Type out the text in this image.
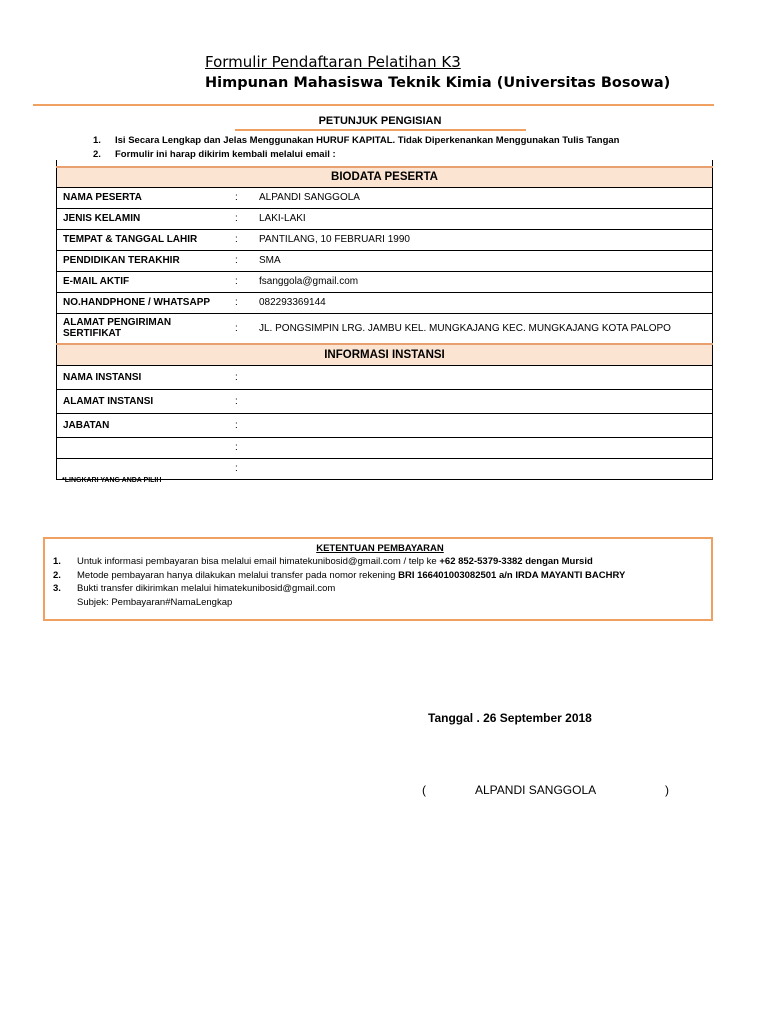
Formulir Pendaftaran Pelatihan K3
Himpunan Mahasiswa Teknik Kimia (Universitas Bosowa)
PETUNJUK PENGISIAN
1. Isi Secara Lengkap dan Jelas Menggunakan HURUF KAPITAL. Tidak Diperkenankan Menggunakan Tulis Tangan
2. Formulir ini harap dikirim kembali melalui email :
BIODATA PESERTA	
NAMA PESERTA	: ALPANDI SANGGOLA
JENIS KELAMIN	: LAKI-LAKI
TEMPAT & TANGGAL LAHIR	: PANTILANG, 10 FEBRUARI 1990
PENDIDIKAN TERAKHIR	: SMA
E-MAIL AKTIF	: fsanggola@gmail.com
NO.HANDPHONE / WHATSAPP	: 082293369144
ALAMAT PENGIRIMAN SERTIFIKAT	: JL. PONGSIMPIN LRG. JAMBU KEL. MUNGKAJANG KEC. MUNGKAJANG KOTA PALOPO
INFORMASI INSTANSI	
NAMA INSTANSI	:
ALAMAT INSTANSI	:
JABATAN	:
	:
	:
*LINGKARI YANG ANDA PILIH
KETENTUAN PEMBAYARAN
1. Untuk informasi pembayaran bisa melalui email himatekunibosid@gmail.com / telp ke +62 852-5379-3382 dengan Mursid
2. Metode pembayaran hanya dilakukan melalui transfer pada nomor rekening BRI 166401003082501 a/n IRDA MAYANTI BACHRY
3. Bukti transfer dikirimkan melalui himatekunibosid@gmail.com
Subjek: Pembayaran#NamaLengkap
Tanggal . 26 September 2018
(	ALPANDI SANGGOLA	)
